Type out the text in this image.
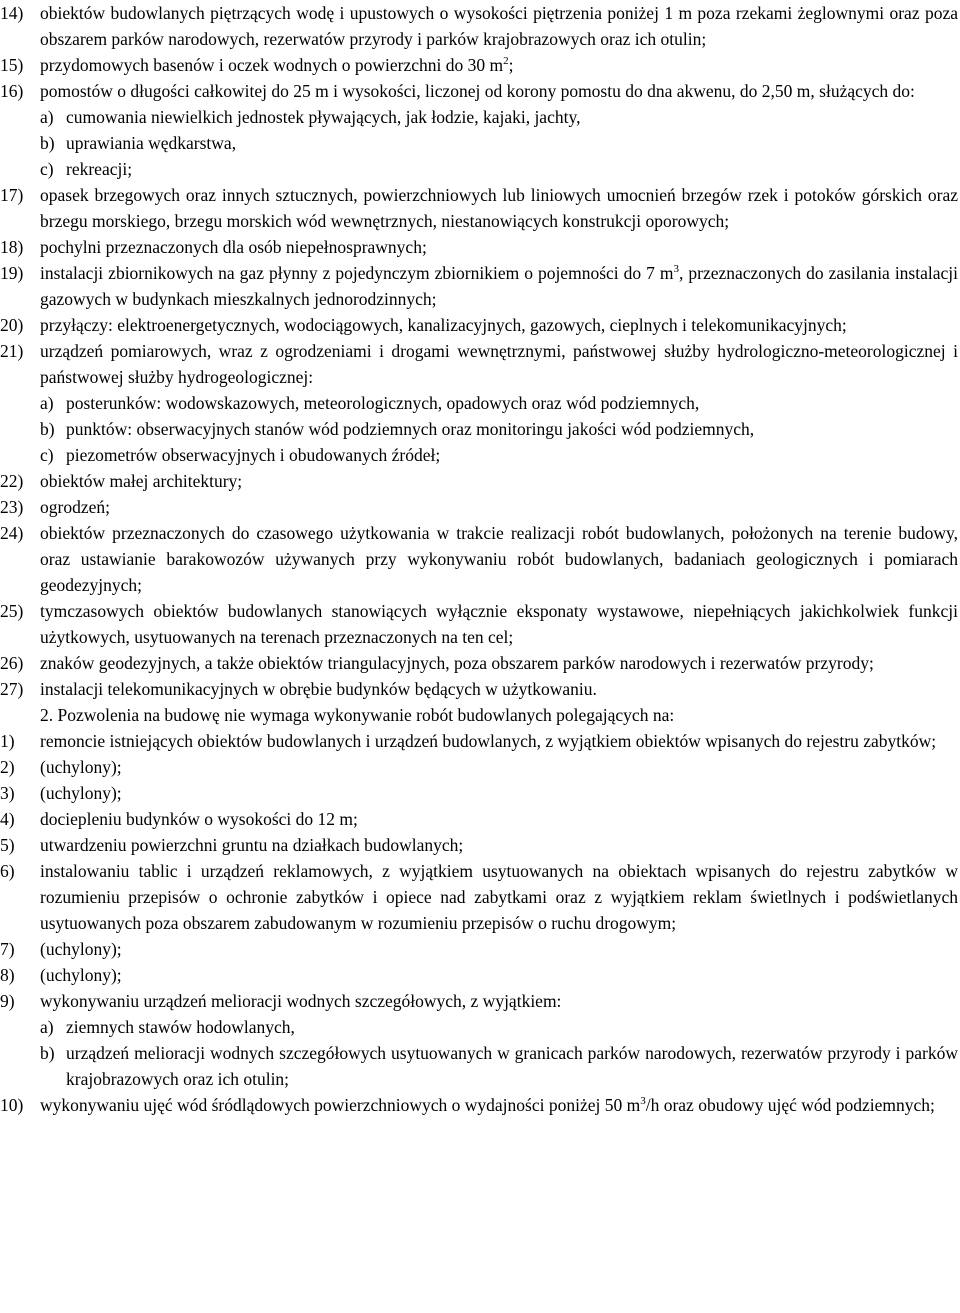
14) obiektów budowlanych piętrzących wodę i upustowych o wysokości piętrzenia poniżej 1 m poza rzekami żeglownymi oraz poza obszarem parków narodowych, rezerwatów przyrody i parków krajobrazowych oraz ich otulin;
15) przydomowych basenów i oczek wodnych o powierzchni do 30 $m^2$;
16) pomostów o długości całkowitej do 25 m i wysokości, liczonej od korony pomostu do dna akwenu, do 2,50 m, służących do:
a) cumowania niewielkich jednostek pływających, jak łodzie, kajaki, jachty,
b) uprawiania wędkarstwa,
c) rekreacji;
17) opasek brzegowych oraz innych sztucznych, powierzchniowych lub liniowych umocnień brzegów rzek i potoków górskich oraz brzegu morskiego, brzegu morskich wód wewnętrznych, niestanowiących konstrukcji oporowych;
18) pochylni przeznaczonych dla osób niepełnosprawnych;
19) instalacji zbiornikowych na gaz płynny z pojedynczym zbiornikiem o pojemności do 7 $m^3$, przeznaczonych do zasilania instalacji gazowych w budynkach mieszkalnych jednorodzinnych;
20) przyłączy: elektroenergetycznych, wodociągowych, kanalizacyjnych, gazowych, cieplnych i telekomunikacyjnych;
21) urządzeń pomiarowych, wraz z ogrodzeniami i drogami wewnętrznymi, państwowej służby hydrologiczno-meteorologicznej i państwowej służby hydrogeologicznej:
a) posterunków: wodowskazowych, meteorologicznych, opadowych oraz wód podziemnych,
b) punktów: obserwacyjnych stanów wód podziemnych oraz monitoringu jakości wód podziemnych,
c) piezometrów obserwacyjnych i obudowanych źródeł;
22) obiektów małej architektury;
23) ogrodzeń;
24) obiektów przeznaczonych do czasowego użytkowania w trakcie realizacji robót budowlanych, położonych na terenie budowy, oraz ustawianie barakowozów używanych przy wykonywaniu robót budowlanych, badaniach geologicznych i pomiarach geodezyjnych;
25) tymczasowych obiektów budowlanych stanowiących wyłącznie eksponaty wystawowe, niepełniących jakichkolwiek funkcji użytkowych, usytuowanych na terenach przeznaczonych na ten cel;
26) znaków geodezyjnych, a także obiektów triangulacyjnych, poza obszarem parków narodowych i rezerwatów przyrody;
27) instalacji telekomunikacyjnych w obrębie budynków będących w użytkowaniu.
2. Pozwolenia na budowę nie wymaga wykonywanie robót budowlanych polegających na:
1)	remoncie istniejących obiektów budowlanych i urządzeń budowlanych, z wyjątkiem obiektów wpisanych do rejestru zabytków;
2)	(uchylony);
3)	(uchylony);
4)	dociepleniu budynków o wysokości do 12 m;
5)	utwardzeniu powierzchni gruntu na działkach budowlanych;
6)	instalowaniu tablic i urządzeń reklamowych, z wyjątkiem usytuowanych na obiektach wpisanych do rejestru zabytków w rozumieniu przepisów o ochronie zabytków i opiece nad zabytkami oraz z wyjątkiem reklam świetlnych i podświetlanych usytuowanych poza obszarem zabudowanym w rozumieniu przepisów o ruchu drogowym;
7)	(uchylony);
8)	(uchylony);
9)	wykonywaniu urządzeń melioracji wodnych szczegółowych, z wyjątkiem:
a) ziemnych stawów hodowlanych,
b) urządzeń melioracji wodnych szczegółowych usytuowanych w granicach parków narodowych, rezerwatów przyrody i parków krajobrazowych oraz ich otulin;
10) wykonywaniu ujęć wód śródlądowych powierzchniowych o wydajności poniżej 50 $m^3/h$ oraz obudowy ujęć wód podziemnych;
